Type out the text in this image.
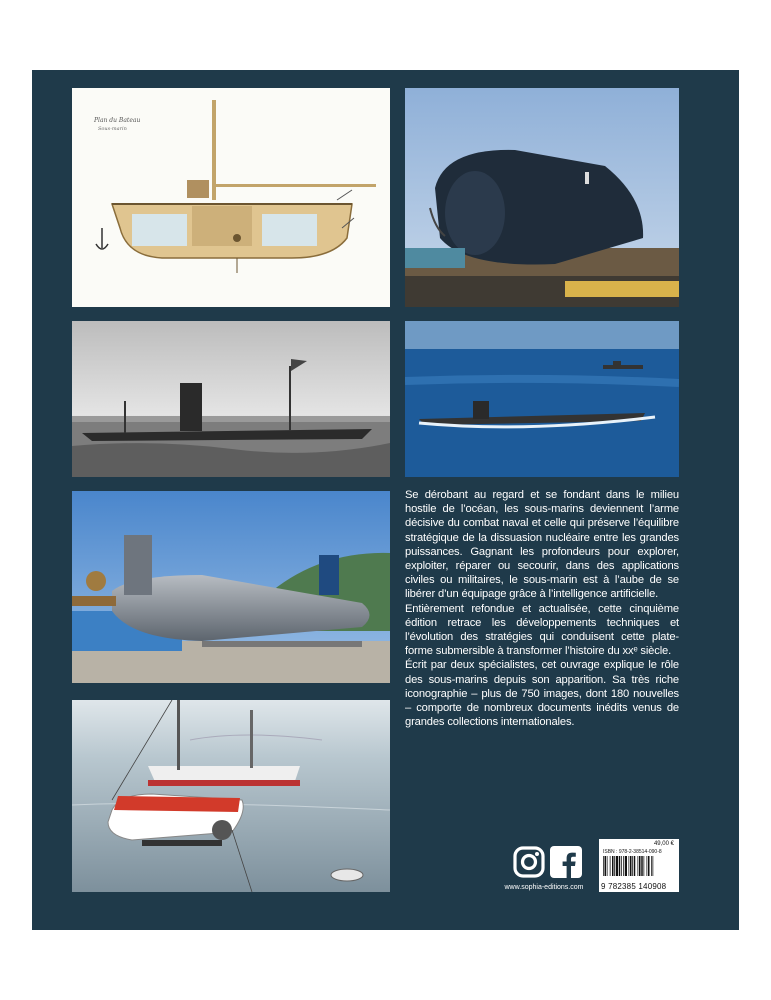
Plan du Bateau
Sous-marin

Se dérobant au regard et se fondant dans le milieu hostile de l’océan, les sous-marins deviennent l’arme décisive du combat naval et celle qui préserve l’équilibre stratégique de la dissuasion nucléaire entre les grandes puissances. Gagnant les profondeurs pour explorer, exploiter, réparer ou secourir, dans des applications civiles ou militaires, le sous-marin est à l’aube de se libérer d’un équipage grâce à l’intelligence artificielle.

Entièrement refondue et actualisée, cette cinquième édition retrace les développements techniques et l’évolution des stratégies qui conduisent cette plate-forme submersible à transformer l’histoire du xxᵉ siècle.

Écrit par deux spécialistes, cet ouvrage explique le rôle des sous-marins depuis son apparition. Sa très riche iconographie – plus de 750 images, dont 180 nouvelles – comporte de nombreux documents inédits venus de grandes collections internationales.

www.sophia-editions.com
49,00 €
ISBN : 978-2-38514-090-8
9 782385 140908
